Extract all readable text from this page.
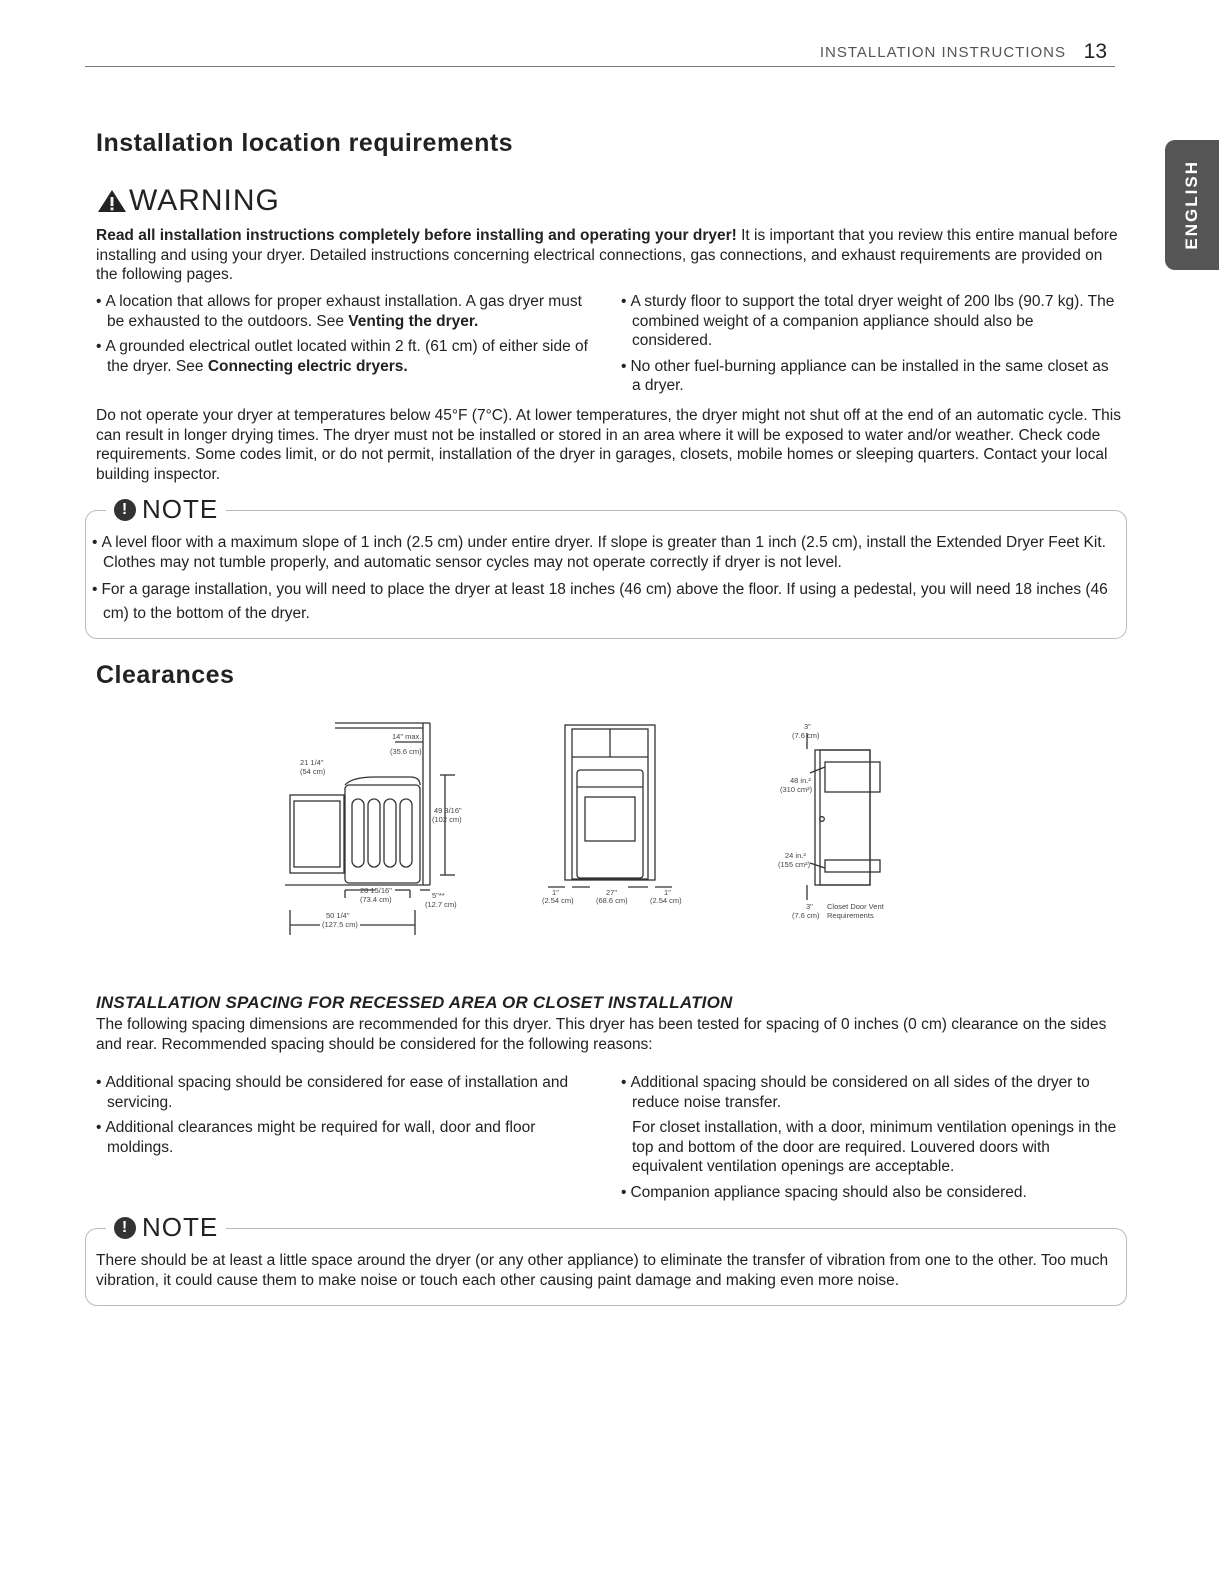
INSTALLATION INSTRUCTIONS 13
ENGLISH
Installation location requirements
WARNING
Read all installation instructions completely before installing and operating your dryer! It is important that you review this entire manual before installing and using your dryer. Detailed instructions concerning electrical connections, gas connections, and exhaust requirements are provided on the following pages.
• A location that allows for proper exhaust installation. A gas dryer must be exhausted to the outdoors. See Venting the dryer.
• A grounded electrical outlet located within 2 ft. (61 cm) of either side of the dryer. See Connecting electric dryers.
• A sturdy floor to support the total dryer weight of 200 lbs (90.7 kg). The combined weight of a companion appliance should also be considered.
• No other fuel-burning appliance can be installed in the same closet as a dryer.
Do not operate your dryer at temperatures below 45°F (7°C). At lower temperatures, the dryer might not shut off at the end of an automatic cycle. This can result in longer drying times. The dryer must not be installed or stored in an area where it will be exposed to water and/or weather. Check code requirements. Some codes limit, or do not permit, installation of the dryer in garages, closets, mobile homes or sleeping quarters. Contact your local building inspector.
! NOTE
• A level floor with a maximum slope of 1 inch (2.5 cm) under entire dryer. If slope is greater than 1 inch (2.5 cm), install the Extended Dryer Feet Kit. Clothes may not tumble properly, and automatic sensor cycles may not operate correctly if dryer is not level.
• For a garage installation, you will need to place the dryer at least 18 inches (46 cm) above the floor. If using a pedestal, you will need 18 inches (46 cm) to the bottom of the dryer.
Clearances
14" max.
(35.6 cm)
21 1/4"
(54 cm)
49 3/16"
(102 cm)
28 15/16"
(73.4 cm)	5"**
(12.7 cm)
50 1/4"
(127.5 cm)
1"
(2.54 cm)
27"
(68.6 cm)
1"
(2.54 cm)
3"
(7.6 cm)
48 in.²
(310 cm²)
24 in.²
(155 cm²)
3"
(7.6 cm)
Closet Door Vent
Requirements
INSTALLATION SPACING FOR RECESSED AREA OR CLOSET INSTALLATION
The following spacing dimensions are recommended for this dryer. This dryer has been tested for spacing of 0 inches (0 cm) clearance on the sides and rear. Recommended spacing should be considered for the following reasons:
• Additional spacing should be considered for ease of installation and servicing.
• Additional clearances might be required for wall, door and floor moldings.
• Additional spacing should be considered on all sides of the dryer to reduce noise transfer.
For closet installation, with a door, minimum ventilation openings in the top and bottom of the door are required. Louvered doors with equivalent ventilation openings are acceptable.
• Companion appliance spacing should also be considered.
! NOTE
There should be at least a little space around the dryer (or any other appliance) to eliminate the transfer of vibration from one to the other. Too much vibration, it could cause them to make noise or touch each other causing paint damage and making even more noise.
